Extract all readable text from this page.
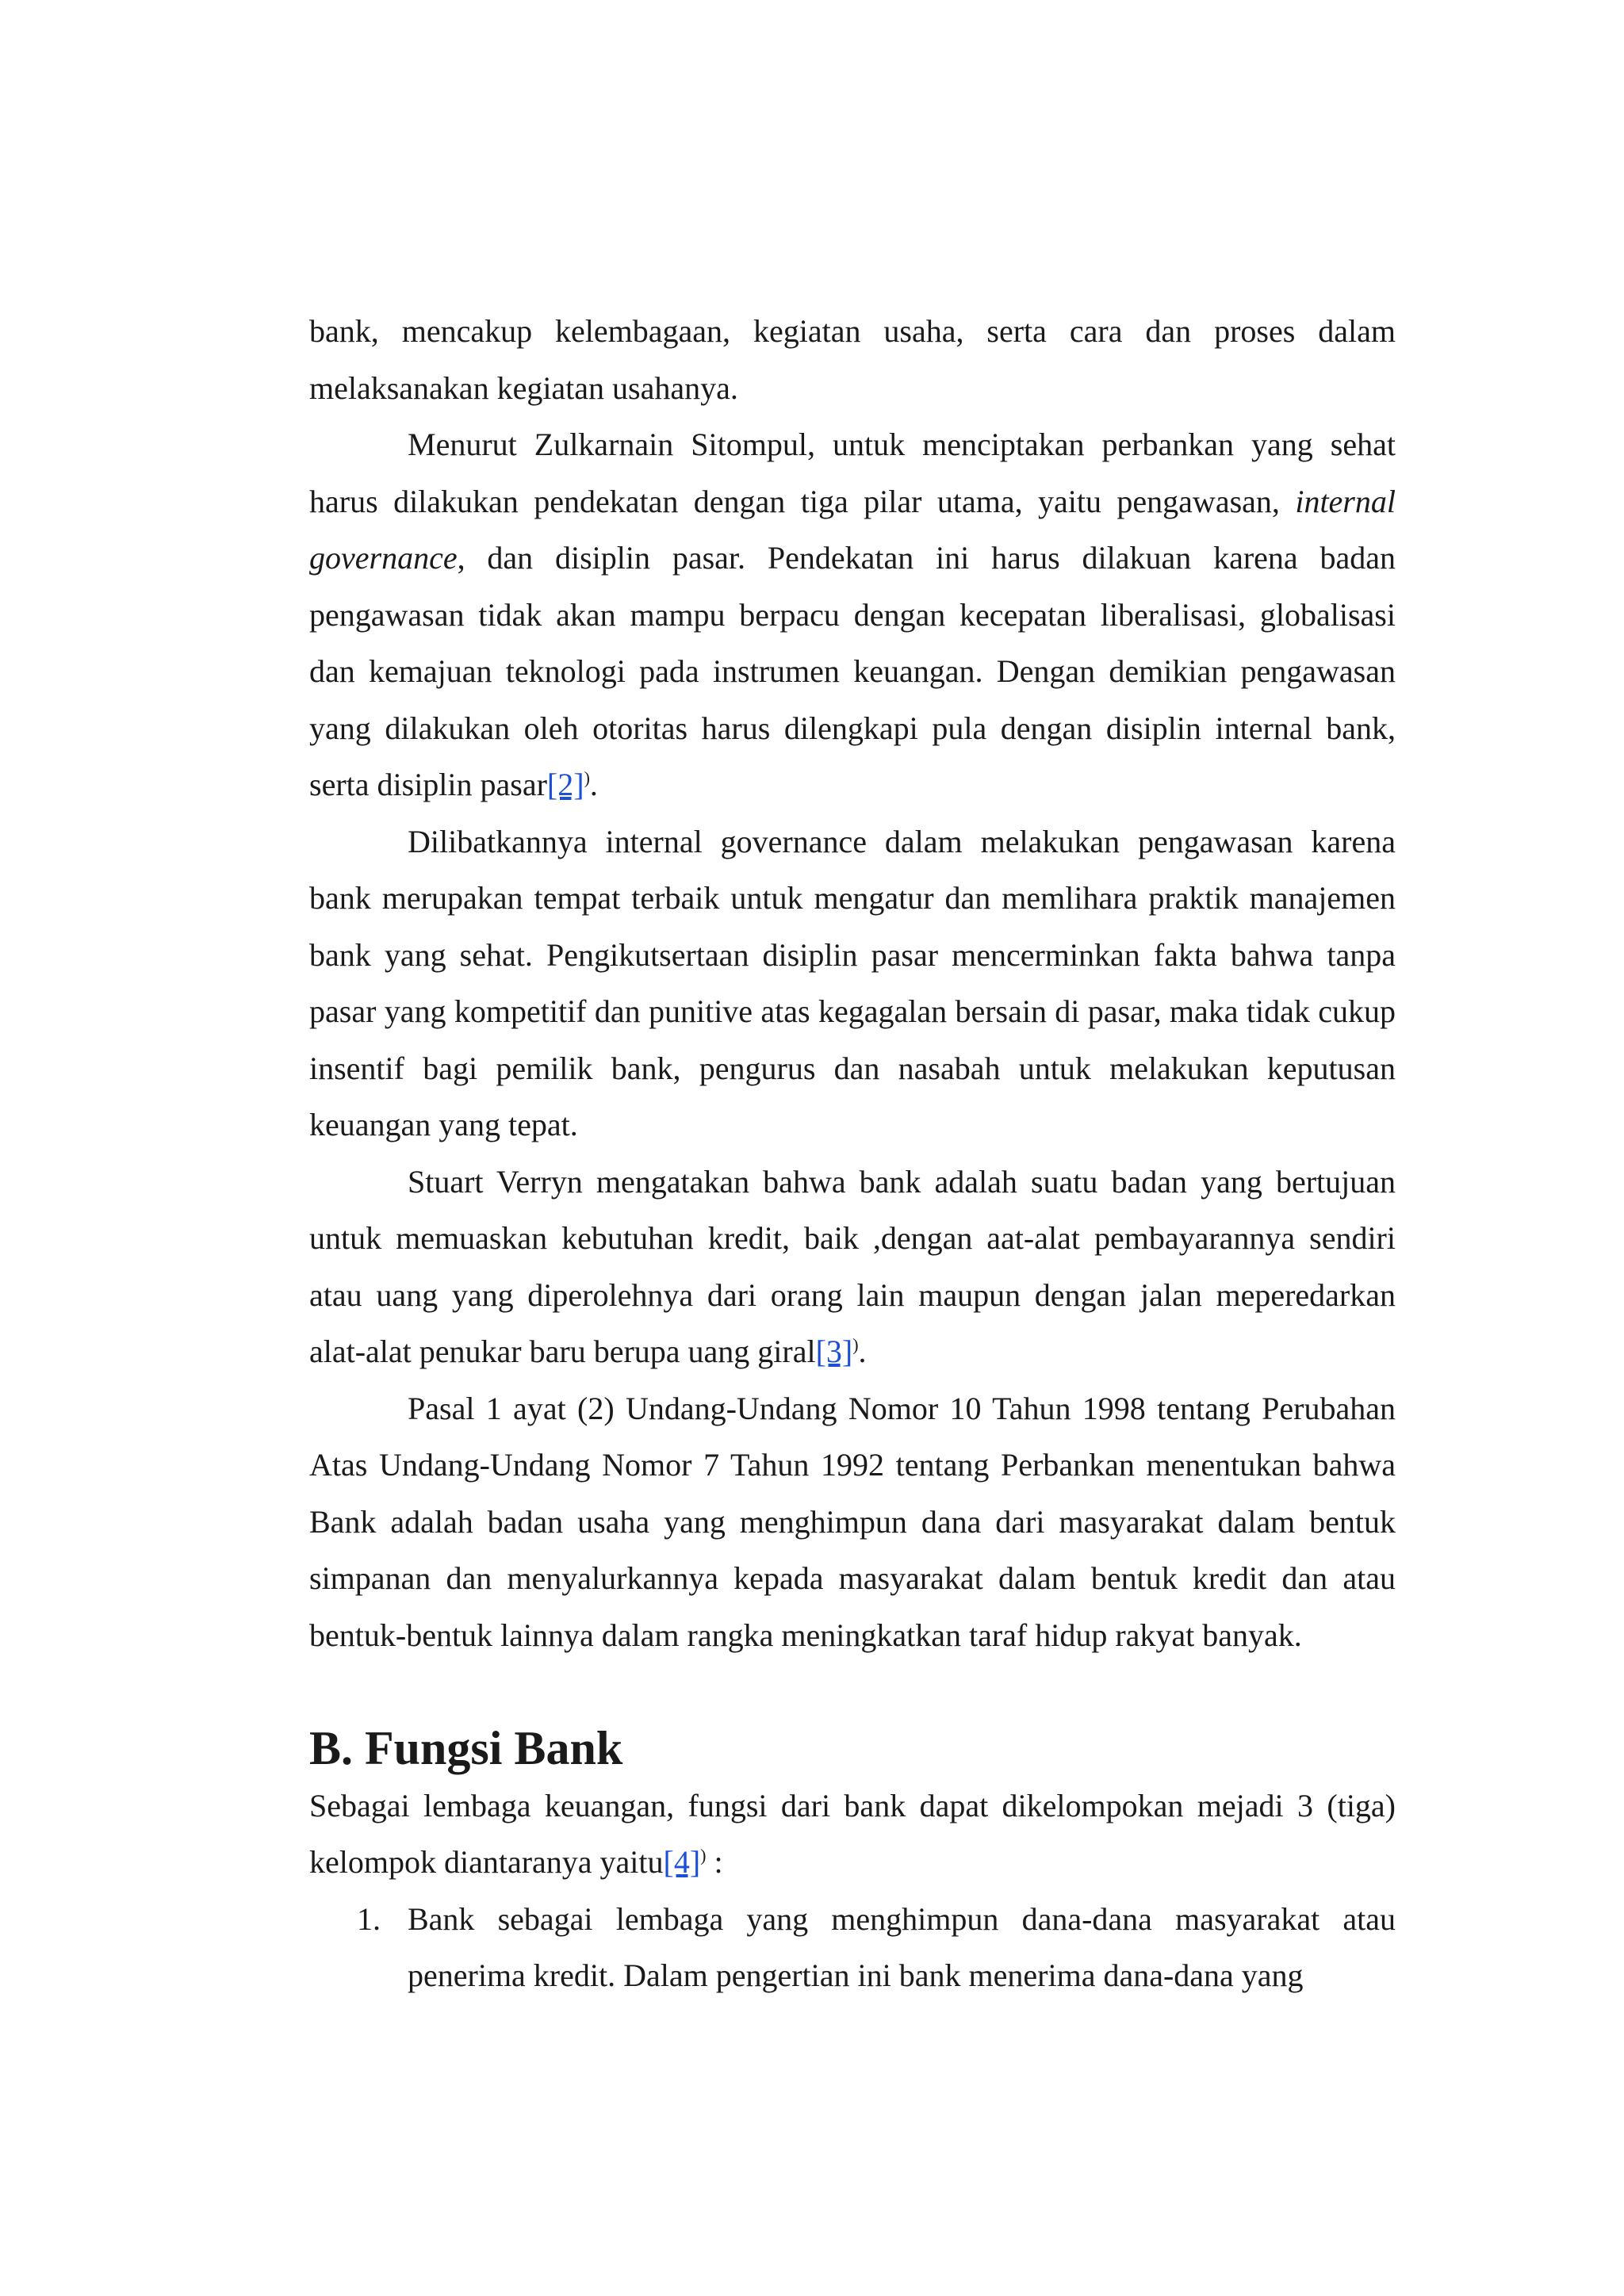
bank, mencakup kelembagaan, kegiatan usaha, serta cara dan proses dalam melaksanakan kegiatan usahanya.

Menurut Zulkarnain Sitompul, untuk menciptakan perbankan yang sehat harus dilakukan pendekatan dengan tiga pilar utama, yaitu pengawasan, internal governance, dan disiplin pasar. Pendekatan ini harus dilakuan karena badan pengawasan tidak akan mampu berpacu dengan kecepatan liberalisasi, globalisasi dan kemajuan teknologi pada instrumen keuangan. Dengan demikian pengawasan yang dilakukan oleh otoritas harus dilengkapi pula dengan disiplin internal bank, serta disiplin pasar[2]).

Dilibatkannya internal governance dalam melakukan pengawasan karena bank merupakan tempat terbaik untuk mengatur dan memlihara praktik manajemen bank yang sehat. Pengikutsertaan disiplin pasar mencerminkan fakta bahwa tanpa pasar yang kompetitif dan punitive atas kegagalan bersain di pasar, maka tidak cukup insentif bagi pemilik bank, pengurus dan nasabah untuk melakukan keputusan keuangan yang tepat.

Stuart Verryn mengatakan bahwa bank adalah suatu badan yang bertujuan untuk memuaskan kebutuhan kredit, baik ,dengan aat-alat pembayarannya sendiri atau uang yang diperolehnya dari orang lain maupun dengan jalan meperedarkan alat-alat penukar baru berupa uang giral[3]).

Pasal 1 ayat (2) Undang-Undang Nomor 10 Tahun 1998 tentang Perubahan Atas Undang-Undang Nomor 7 Tahun 1992 tentang Perbankan menentukan bahwa Bank adalah badan usaha yang menghimpun dana dari masyarakat dalam bentuk simpanan dan menyalurkannya kepada masyarakat dalam bentuk kredit dan atau bentuk-bentuk lainnya dalam rangka meningkatkan taraf hidup rakyat banyak.

B. Fungsi Bank

Sebagai lembaga keuangan, fungsi dari bank dapat dikelompokan mejadi 3 (tiga) kelompok diantaranya yaitu[4]) :

1. Bank sebagai lembaga yang menghimpun dana-dana masyarakat atau penerima kredit. Dalam pengertian ini bank menerima dana-dana yang
